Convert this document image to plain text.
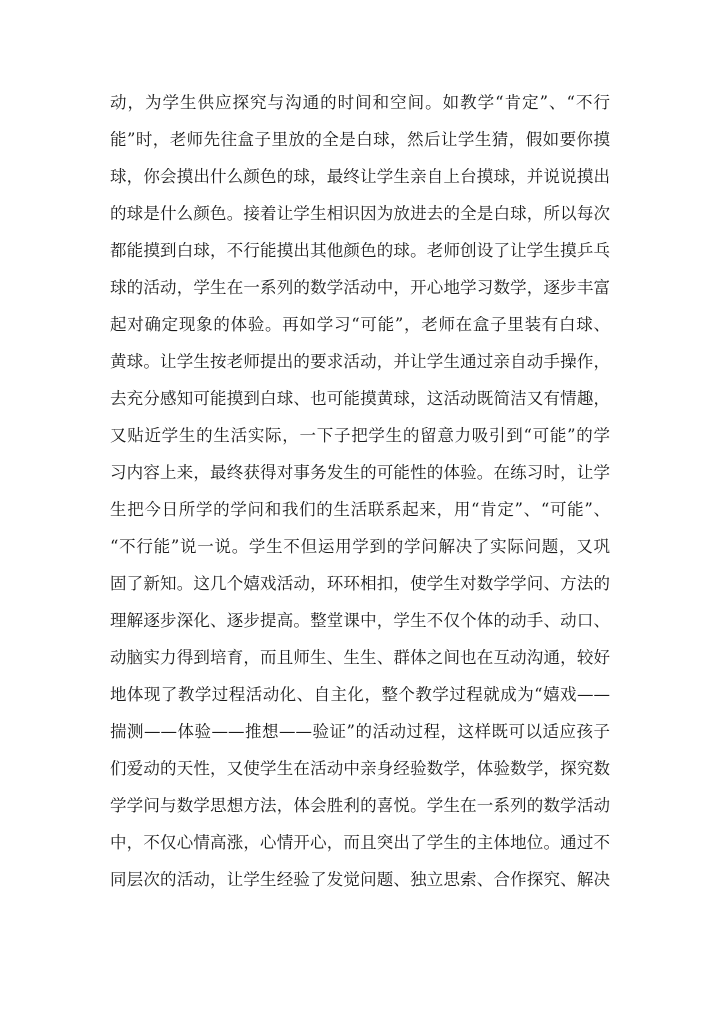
动，为学生供应探究与沟通的时间和空间。如教学“肯定”、“不行
能”时，老师先往盒子里放的全是白球，然后让学生猜，假如要你摸
球，你会摸出什么颜色的球，最终让学生亲自上台摸球，并说说摸出
的球是什么颜色。接着让学生相识因为放进去的全是白球，所以每次
都能摸到白球，不行能摸出其他颜色的球。老师创设了让学生摸乒乓
球的活动，学生在一系列的数学活动中，开心地学习数学，逐步丰富
起对确定现象的体验。再如学习“可能”，老师在盒子里装有白球、
黄球。让学生按老师提出的要求活动，并让学生通过亲自动手操作，
去充分感知可能摸到白球、也可能摸黄球，这活动既简洁又有情趣，
又贴近学生的生活实际，一下子把学生的留意力吸引到“可能”的学
习内容上来，最终获得对事务发生的可能性的体验。在练习时，让学
生把今日所学的学问和我们的生活联系起来，用“肯定”、“可能”、
“不行能”说一说。学生不但运用学到的学问解决了实际问题，又巩
固了新知。这几个嬉戏活动，环环相扣，使学生对数学学问、方法的
理解逐步深化、逐步提高。整堂课中，学生不仅个体的动手、动口、
动脑实力得到培育，而且师生、生生、群体之间也在互动沟通，较好
地体现了教学过程活动化、自主化，整个教学过程就成为“嬉戏——
揣测——体验——推想——验证”的活动过程，这样既可以适应孩子
们爱动的天性，又使学生在活动中亲身经验数学，体验数学，探究数
学学问与数学思想方法，体会胜利的喜悦。学生在一系列的数学活动
中，不仅心情高涨，心情开心，而且突出了学生的主体地位。通过不
同层次的活动，让学生经验了发觉问题、独立思索、合作探究、解决
